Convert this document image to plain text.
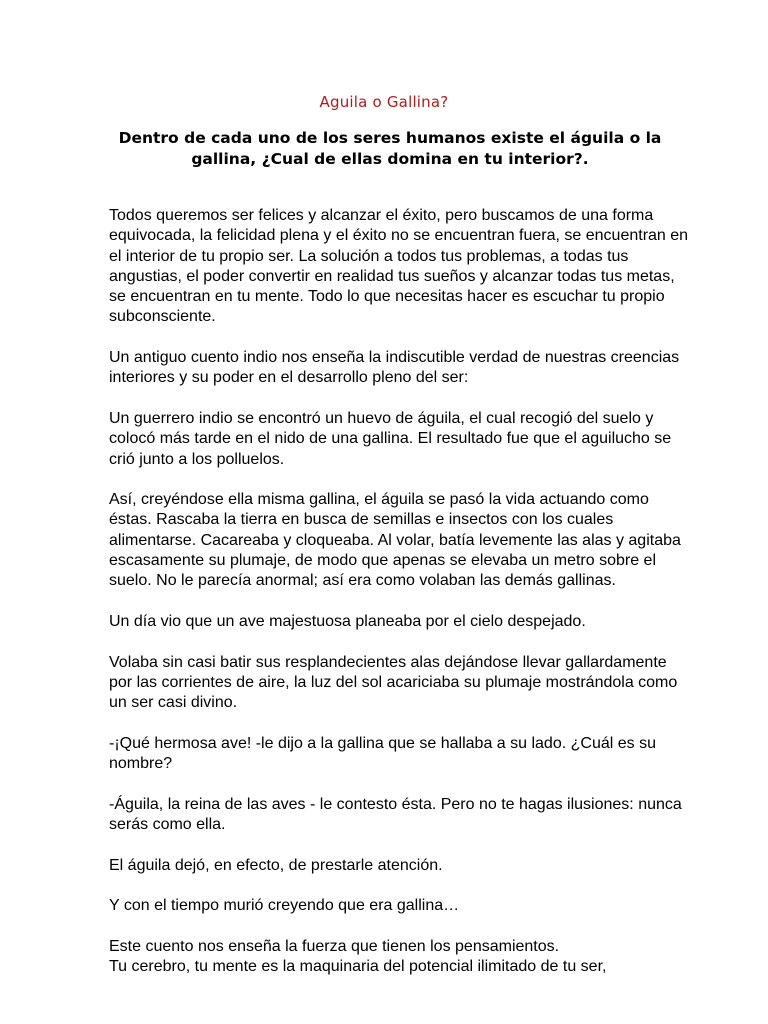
Aguila o Gallina?
Dentro de cada uno de los seres humanos existe el águila o la gallina, ¿Cual de ellas domina en tu interior?.

Todos queremos ser felices y alcanzar el éxito, pero buscamos de una forma equivocada, la felicidad plena y el éxito no se encuentran fuera, se encuentran en el interior de tu propio ser. La solución a todos tus problemas, a todas tus angustias, el poder convertir en realidad tus sueños y alcanzar todas tus metas, se encuentran en tu mente. Todo lo que necesitas hacer es escuchar tu propio subconsciente.

Un antiguo cuento indio nos enseña la indiscutible verdad de nuestras creencias interiores y su poder en el desarrollo pleno del ser:

Un guerrero indio se encontró un huevo de águila, el cual recogió del suelo y colocó más tarde en el nido de una gallina. El resultado fue que el aguilucho se crió junto a los polluelos.

Así, creyéndose ella misma gallina, el águila se pasó la vida actuando como éstas. Rascaba la tierra en busca de semillas e insectos con los cuales alimentarse. Cacareaba y cloqueaba. Al volar, batía levemente las alas y agitaba escasamente su plumaje, de modo que apenas se elevaba un metro sobre el suelo. No le parecía anormal; así era como volaban las demás gallinas.

Un día vio que un ave majestuosa planeaba por el cielo despejado.

Volaba sin casi batir sus resplandecientes alas dejándose llevar gallardamente por las corrientes de aire, la luz del sol acariciaba su plumaje mostrándola como un ser casi divino.

-¡Qué hermosa ave! -le dijo a la gallina que se hallaba a su lado. ¿Cuál es su nombre?

-Águila, la reina de las aves - le contesto ésta. Pero no te hagas ilusiones: nunca serás como ella.

El águila dejó, en efecto, de prestarle atención.

Y con el tiempo murió creyendo que era gallina…

Este cuento nos enseña la fuerza que tienen los pensamientos.
Tu cerebro, tu mente es la maquinaria del potencial ilimitado de tu ser,
